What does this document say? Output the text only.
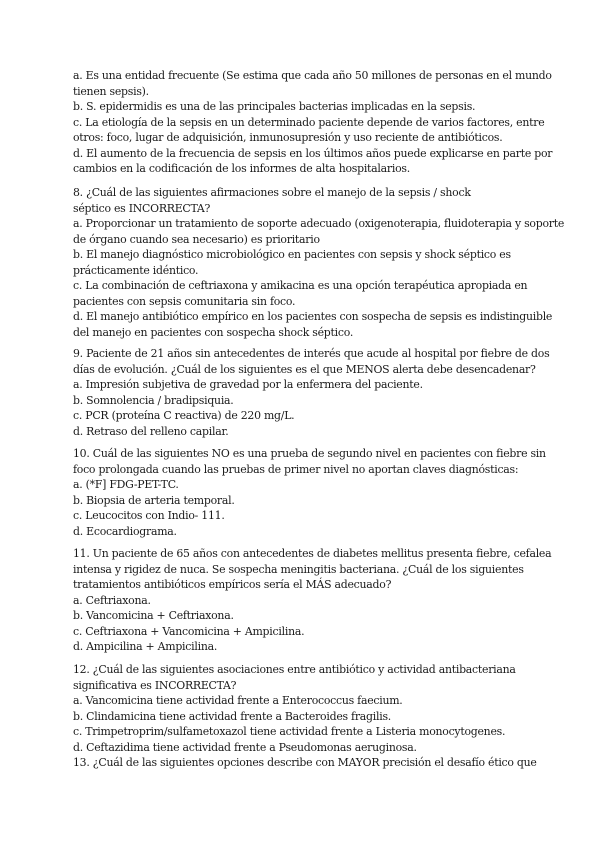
a. Es una entidad frecuente (Se estima que cada año 50 millones de personas en el mundo
tienen sepsis).
b. S. epidermidis es una de las principales bacterias implicadas en la sepsis.
c. La etiología de la sepsis en un determinado paciente depende de varios factores, entre
otros: foco, lugar de adquisición, inmunosupresión y uso reciente de antibióticos.
d. El aumento de la frecuencia de sepsis en los últimos años puede explicarse en parte por
cambios en la codificación de los informes de alta hospitalarios.
8. ¿Cuál de las siguientes afirmaciones sobre el manejo de la sepsis / shock
séptico es INCORRECTA?
a. Proporcionar un tratamiento de soporte adecuado (oxigenoterapia, fluidoterapia y soporte
de órgano cuando sea necesario) es prioritario
b. El manejo diagnóstico microbiológico en pacientes con sepsis y shock séptico es
prácticamente idéntico.
c. La combinación de ceftriaxona y amikacina es una opción terapéutica apropiada en
pacientes con sepsis comunitaria sin foco.
d. El manejo antibiótico empírico en los pacientes con sospecha de sepsis es indistinguible
del manejo en pacientes con sospecha shock séptico.
9. Paciente de 21 años sin antecedentes de interés que acude al hospital por fiebre de dos
días de evolución. ¿Cuál de los siguientes es el que MENOS alerta debe desencadenar?
a. Impresión subjetiva de gravedad por la enfermera del paciente.
b. Somnolencia / bradipsiquia.
c. PCR (proteína C reactiva) de 220 mg/L.
d. Retraso del relleno capilar.
10. Cuál de las siguientes NO es una prueba de segundo nivel en pacientes con fiebre sin
foco prolongada cuando las pruebas de primer nivel no aportan claves diagnósticas:
a. (*F] FDG-PET-TC.
b. Biopsia de arteria temporal.
c. Leucocitos con Indio- 111.
d. Ecocardiograma.
11. Un paciente de 65 años con antecedentes de diabetes mellitus presenta fiebre, cefalea
intensa y rigidez de nuca. Se sospecha meningitis bacteriana. ¿Cuál de los siguientes
tratamientos antibióticos empíricos sería el MÁS adecuado?
a. Ceftriaxona.
b. Vancomicina + Ceftriaxona.
c. Ceftriaxona + Vancomicina + Ampicilina.
d. Ampicilina + Ampicilina.
12. ¿Cuál de las siguientes asociaciones entre antibiótico y actividad antibacteriana
significativa es INCORRECTA?
a. Vancomicina tiene actividad frente a Enterococcus faecium.
b. Clindamicina tiene actividad frente a Bacteroides fragilis.
c. Trimpetroprim/sulfametoxazol tiene actividad frente a Listeria monocytogenes.
d. Ceftazidima tiene actividad frente a Pseudomonas aeruginosa.
13. ¿Cuál de las siguientes opciones describe con MAYOR precisión el desafío ético que
